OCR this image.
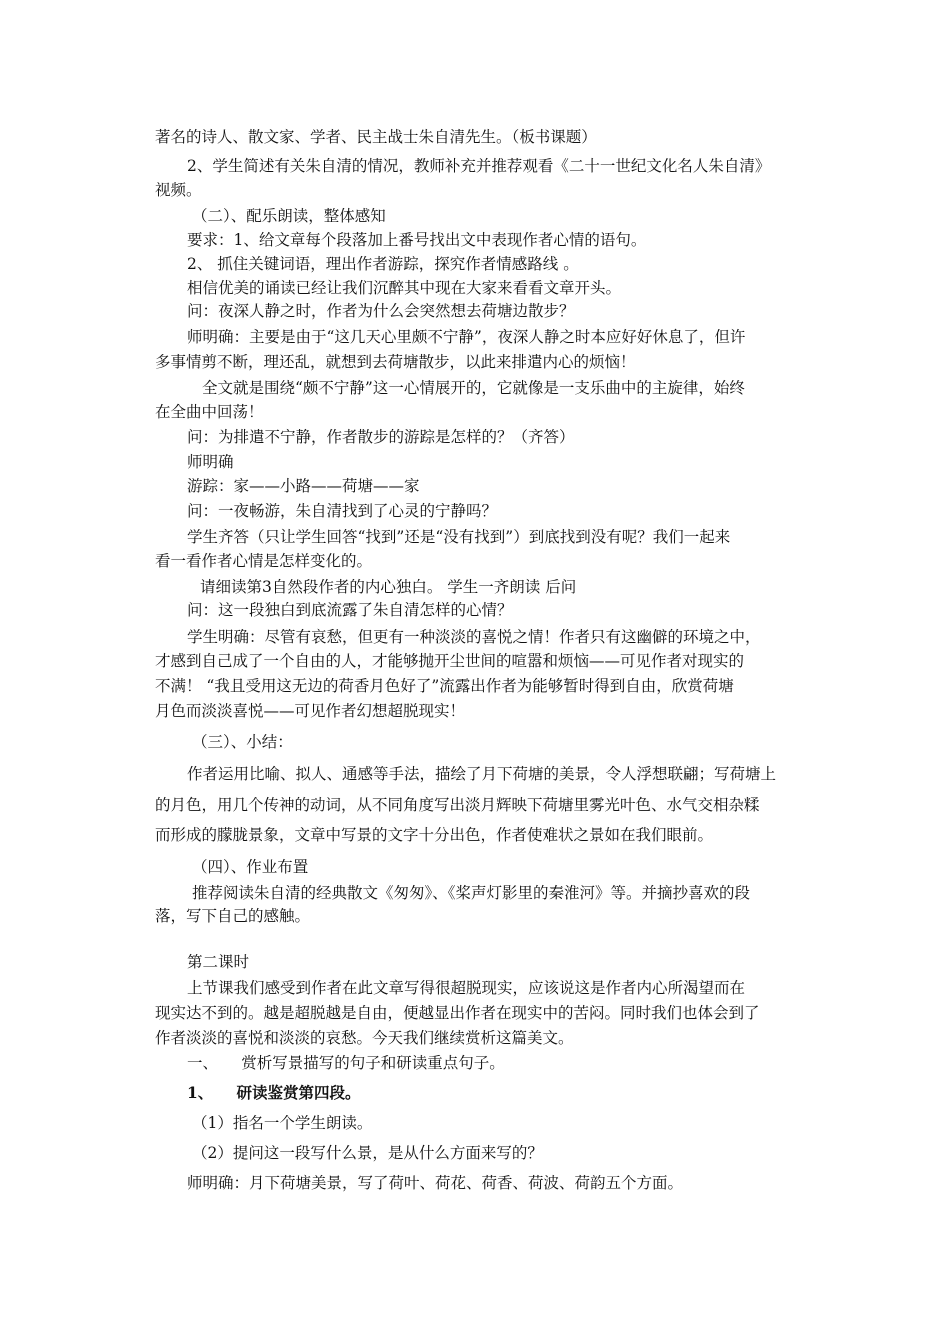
著名的诗人、散文家、学者、民主战士朱自清先生。（板书课题）
2、学生简述有关朱自清的情况，教师补充并推荐观看《二十一世纪文化名人朱自清》
视频。
（二）、配乐朗读，整体感知
要求：1、给文章每个段落加上番号找出文中表现作者心情的语句。
2、 抓住关键词语，理出作者游踪，探究作者情感路线 。
相信优美的诵读已经让我们沉醉其中现在大家来看看文章开头。
问：夜深人静之时，作者为什么会突然想去荷塘边散步？
师明确：主要是由于“这几天心里颇不宁静”，夜深人静之时本应好好休息了，但许
多事情剪不断，理还乱，就想到去荷塘散步，以此来排遣内心的烦恼！
全文就是围绕“颇不宁静”这一心情展开的，它就像是一支乐曲中的主旋律，始终
在全曲中回荡！
问：为排遣不宁静，作者散步的游踪是怎样的？（齐答）
师明确
游踪：家——小路——荷塘——家
问：一夜畅游，朱自清找到了心灵的宁静吗？
学生齐答（只让学生回答“找到”还是“没有找到”）到底找到没有呢？我们一起来
看一看作者心情是怎样变化的。
请细读第3自然段作者的内心独白。 学生一齐朗读 后问
问：这一段独白到底流露了朱自清怎样的心情？
学生明确：尽管有哀愁，但更有一种淡淡的喜悦之情！作者只有这幽僻的环境之中，
才感到自己成了一个自由的人，才能够抛开尘世间的喧嚣和烦恼——可见作者对现实的
不满！ “我且受用这无边的荷香月色好了”流露出作者为能够暂时得到自由，欣赏荷塘
月色而淡淡喜悦——可见作者幻想超脱现实！
（三）、小结：
作者运用比喻、拟人、通感等手法，描绘了月下荷塘的美景，令人浮想联翩；写荷塘上
的月色，用几个传神的动词，从不同角度写出淡月辉映下荷塘里雾光叶色、水气交相杂糅
而形成的朦胧景象，文章中写景的文字十分出色，作者使难状之景如在我们眼前。
（四）、作业布置
推荐阅读朱自清的经典散文《匆匆》、《桨声灯影里的秦淮河》等。并摘抄喜欢的段
落，写下自己的感触。
第二课时
上节课我们感受到作者在此文章写得很超脱现实，应该说这是作者内心所渴望而在
现实达不到的。越是超脱越是自由，便越显出作者在现实中的苦闷。同时我们也体会到了
作者淡淡的喜悦和淡淡的哀愁。今天我们继续赏析这篇美文。
一、　　赏析写景描写的句子和研读重点句子。
1、　　研读鉴赏第四段。
（1）指名一个学生朗读。
（2）提问这一段写什么景，是从什么方面来写的？
师明确：月下荷塘美景，写了荷叶、荷花、荷香、荷波、荷韵五个方面。
